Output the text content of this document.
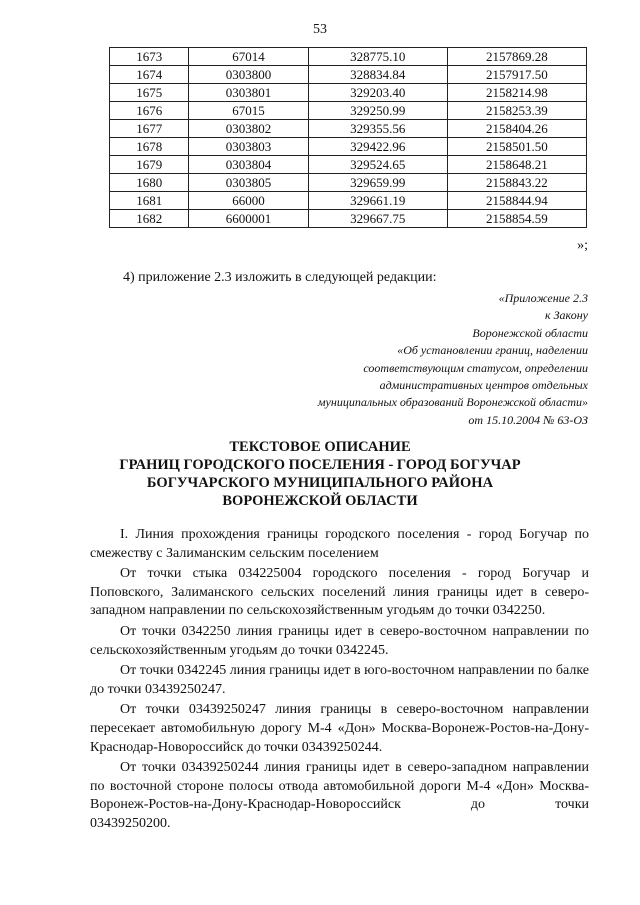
53
1673	67014	328775.10	2157869.28
1674	0303800	328834.84	2157917.50
1675	0303801	329203.40	2158214.98
1676	67015	329250.99	2158253.39
1677	0303802	329355.56	2158404.26
1678	0303803	329422.96	2158501.50
1679	0303804	329524.65	2158648.21
1680	0303805	329659.99	2158843.22
1681	66000	329661.19	2158844.94
1682	6600001	329667.75	2158854.59
»;
4) приложение 2.3 изложить в следующей редакции:
«Приложение 2.3
к Закону
Воронежской области
«Об установлении границ, наделении
соответствующим статусом, определении
административных центров отдельных
муниципальных образований Воронежской области»
от 15.10.2004 № 63-ОЗ
ТЕКСТОВОЕ ОПИСАНИЕ
ГРАНИЦ ГОРОДСКОГО ПОСЕЛЕНИЯ - ГОРОД БОГУЧАР
БОГУЧАРСКОГО МУНИЦИПАЛЬНОГО РАЙОНА
ВОРОНЕЖСКОЙ ОБЛАСТИ

I. Линия прохождения границы городского поселения - город Богучар по смежеству с Залиманским сельским поселением

От точки стыка 034225004 городского поселения - город Богучар и Поповского, Залиманского сельских поселений линия границы идет в северо-западном направлении по сельскохозяйственным угодьям до точки 0342250.

От точки 0342250 линия границы идет в северо-восточном направлении по сельскохозяйственным угодьям до точки 0342245.

От точки 0342245 линия границы идет в юго-восточном направлении по балке до точки 03439250247.

От точки 03439250247 линия границы в северо-восточном направлении пересекает автомобильную дорогу М-4 «Дон» Москва-Воронеж-Ростов-на-Дону-Краснодар-Новороссийск до точки 03439250244.

От точки 03439250244 линия границы идет в северо-западном направлении по восточной стороне полосы отвода автомобильной дороги М-4 «Дон» Москва-Воронеж-Ростов-на-Дону-Краснодар-Новороссийск до точки

03439250200.
